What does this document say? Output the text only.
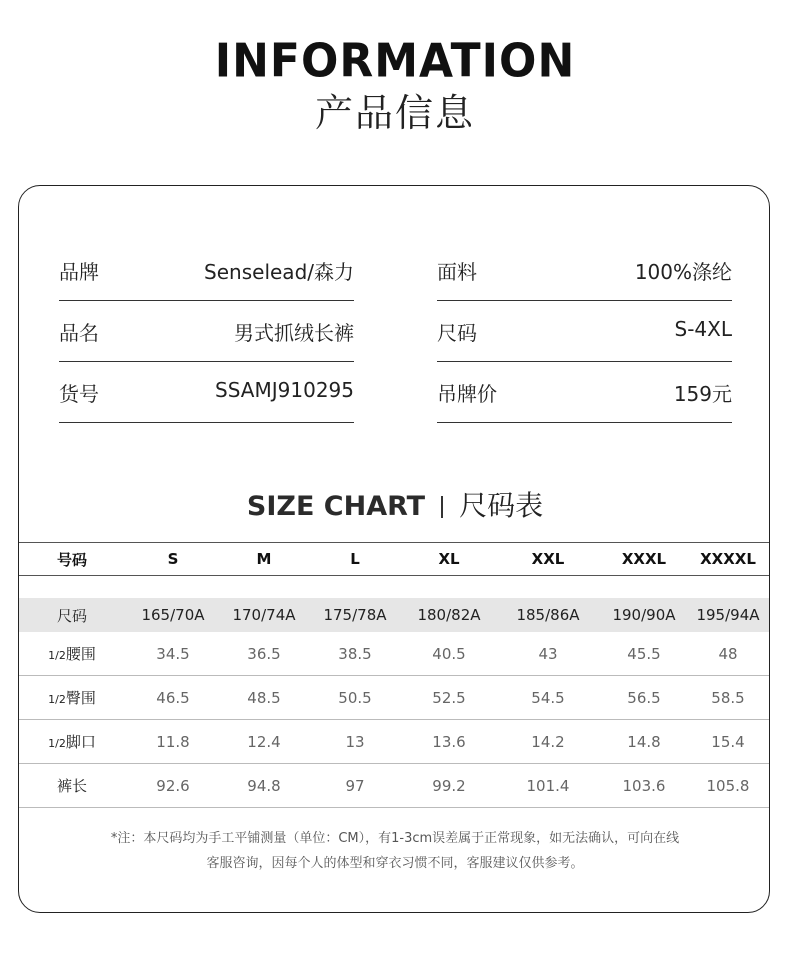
INFORMATION
产品信息
品牌	Senselead/森力
品名	男式抓绒长裤
货号	SSAMJ910295
面料	100%涤纶
尺码	S-4XL
吊牌价	159元
SIZE CHART 尺码表
号码	S	M	L	XL	XXL	XXXL	XXXXL

尺码	165/70A	170/74A	175/78A	180/82A	185/86A	190/90A	195/94A
1/2腰围	34.5	36.5	38.5	40.5	43	45.5	48
1/2臀围	46.5	48.5	50.5	52.5	54.5	56.5	58.5
1/2脚口	11.8	12.4	13	13.6	14.2	14.8	15.4
裤长	92.6	94.8	97	99.2	101.4	103.6	105.8
*注：本尺码均为手工平铺测量（单位：CM），有1-3cm误差属于正常现象，如无法确认，可向在线
客服咨询，因每个人的体型和穿衣习惯不同，客服建议仅供参考。
